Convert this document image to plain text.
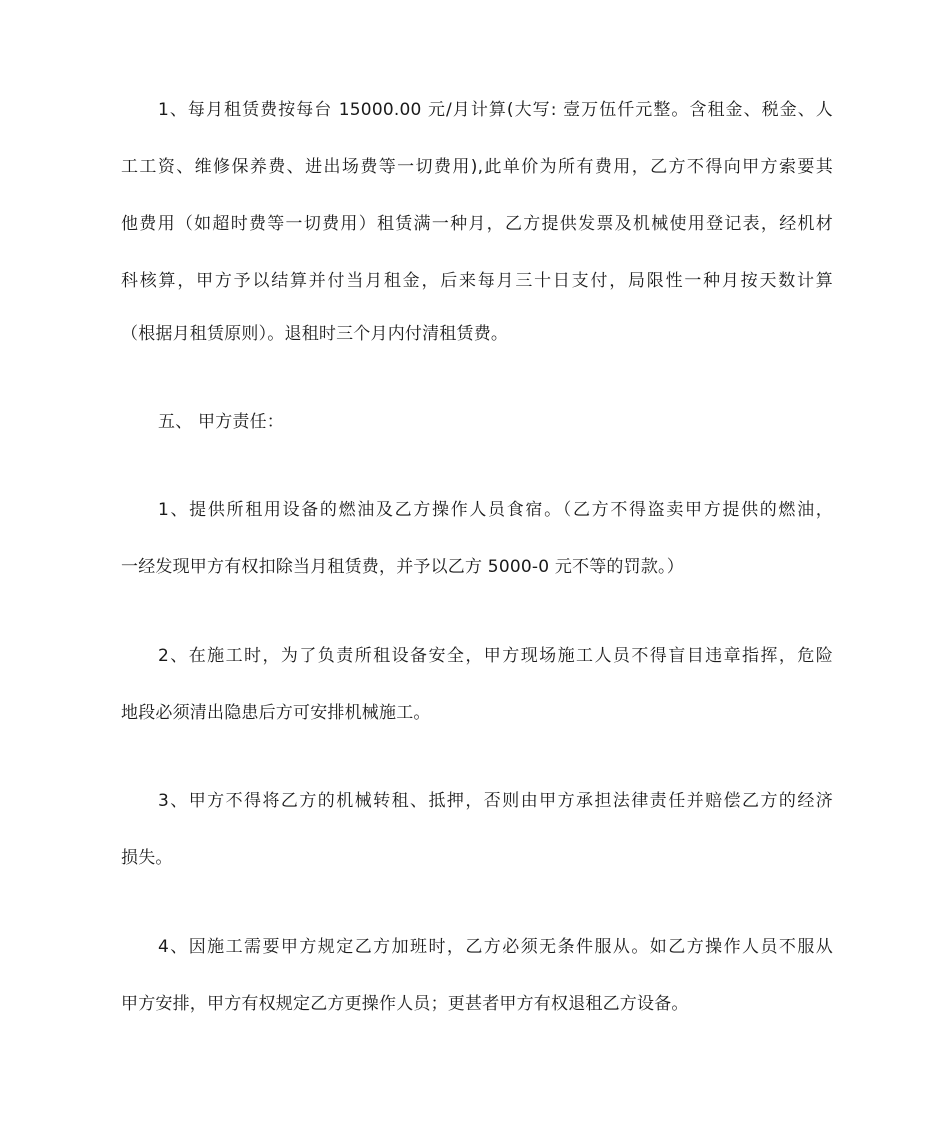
1、每月租赁费按每台 15000.00 元/月计算(大写: 壹万伍仟元整。含租金、税金、人
工工资、维修保养费、进出场费等一切费用),此单价为所有费用，乙方不得向甲方索要其
他费用（如超时费等一切费用）租赁满一种月，乙方提供发票及机械使用登记表，经机材
科核算，甲方予以结算并付当月租金，后来每月三十日支付，局限性一种月按天数计算
（根据月租赁原则）。退租时三个月内付清租赁费。
五、 甲方责任：
1、提供所租用设备的燃油及乙方操作人员食宿。（乙方不得盗卖甲方提供的燃油，
一经发现甲方有权扣除当月租赁费，并予以乙方 5000-0 元不等的罚款。）
2、在施工时，为了负责所租设备安全，甲方现场施工人员不得盲目违章指挥，危险
地段必须清出隐患后方可安排机械施工。
3、甲方不得将乙方的机械转租、抵押，否则由甲方承担法律责任并赔偿乙方的经济
损失。
4、因施工需要甲方规定乙方加班时，乙方必须无条件服从。如乙方操作人员不服从
甲方安排，甲方有权规定乙方更操作人员；更甚者甲方有权退租乙方设备。
